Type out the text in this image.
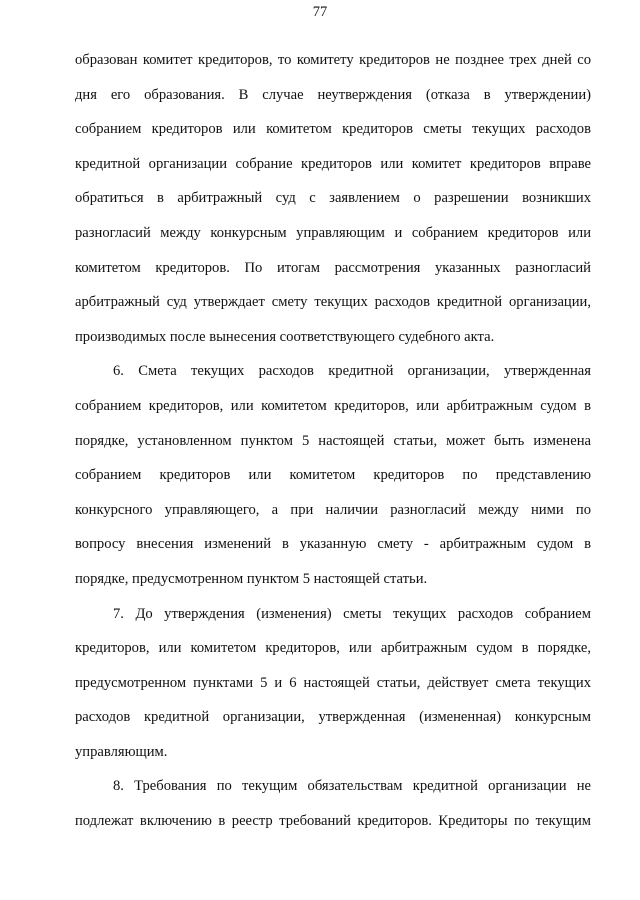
77
образован комитет кредиторов, то комитету кредиторов не позднее трех дней со
дня его образования. В случае неутверждения (отказа в утверждении)
собранием кредиторов или комитетом кредиторов сметы текущих расходов
кредитной организации собрание кредиторов или комитет кредиторов вправе
обратиться в арбитражный суд с заявлением о разрешении возникших
разногласий между конкурсным управляющим и собранием кредиторов или
комитетом кредиторов. По итогам рассмотрения указанных разногласий
арбитражный суд утверждает смету текущих расходов кредитной организации,
производимых после вынесения соответствующего судебного акта.
6. Смета текущих расходов кредитной организации, утвержденная
собранием кредиторов, или комитетом кредиторов, или арбитражным судом в
порядке, установленном пунктом 5 настоящей статьи, может быть изменена
собранием кредиторов или комитетом кредиторов по представлению
конкурсного управляющего, а при наличии разногласий между ними по
вопросу внесения изменений в указанную смету - арбитражным судом в
порядке, предусмотренном пунктом 5 настоящей статьи.
7. До утверждения (изменения) сметы текущих расходов собранием
кредиторов, или комитетом кредиторов, или арбитражным судом в порядке,
предусмотренном пунктами 5 и 6 настоящей статьи, действует смета текущих
расходов кредитной организации, утвержденная (измененная) конкурсным
управляющим.
8. Требования по текущим обязательствам кредитной организации не
подлежат включению в реестр требований кредиторов. Кредиторы по текущим
